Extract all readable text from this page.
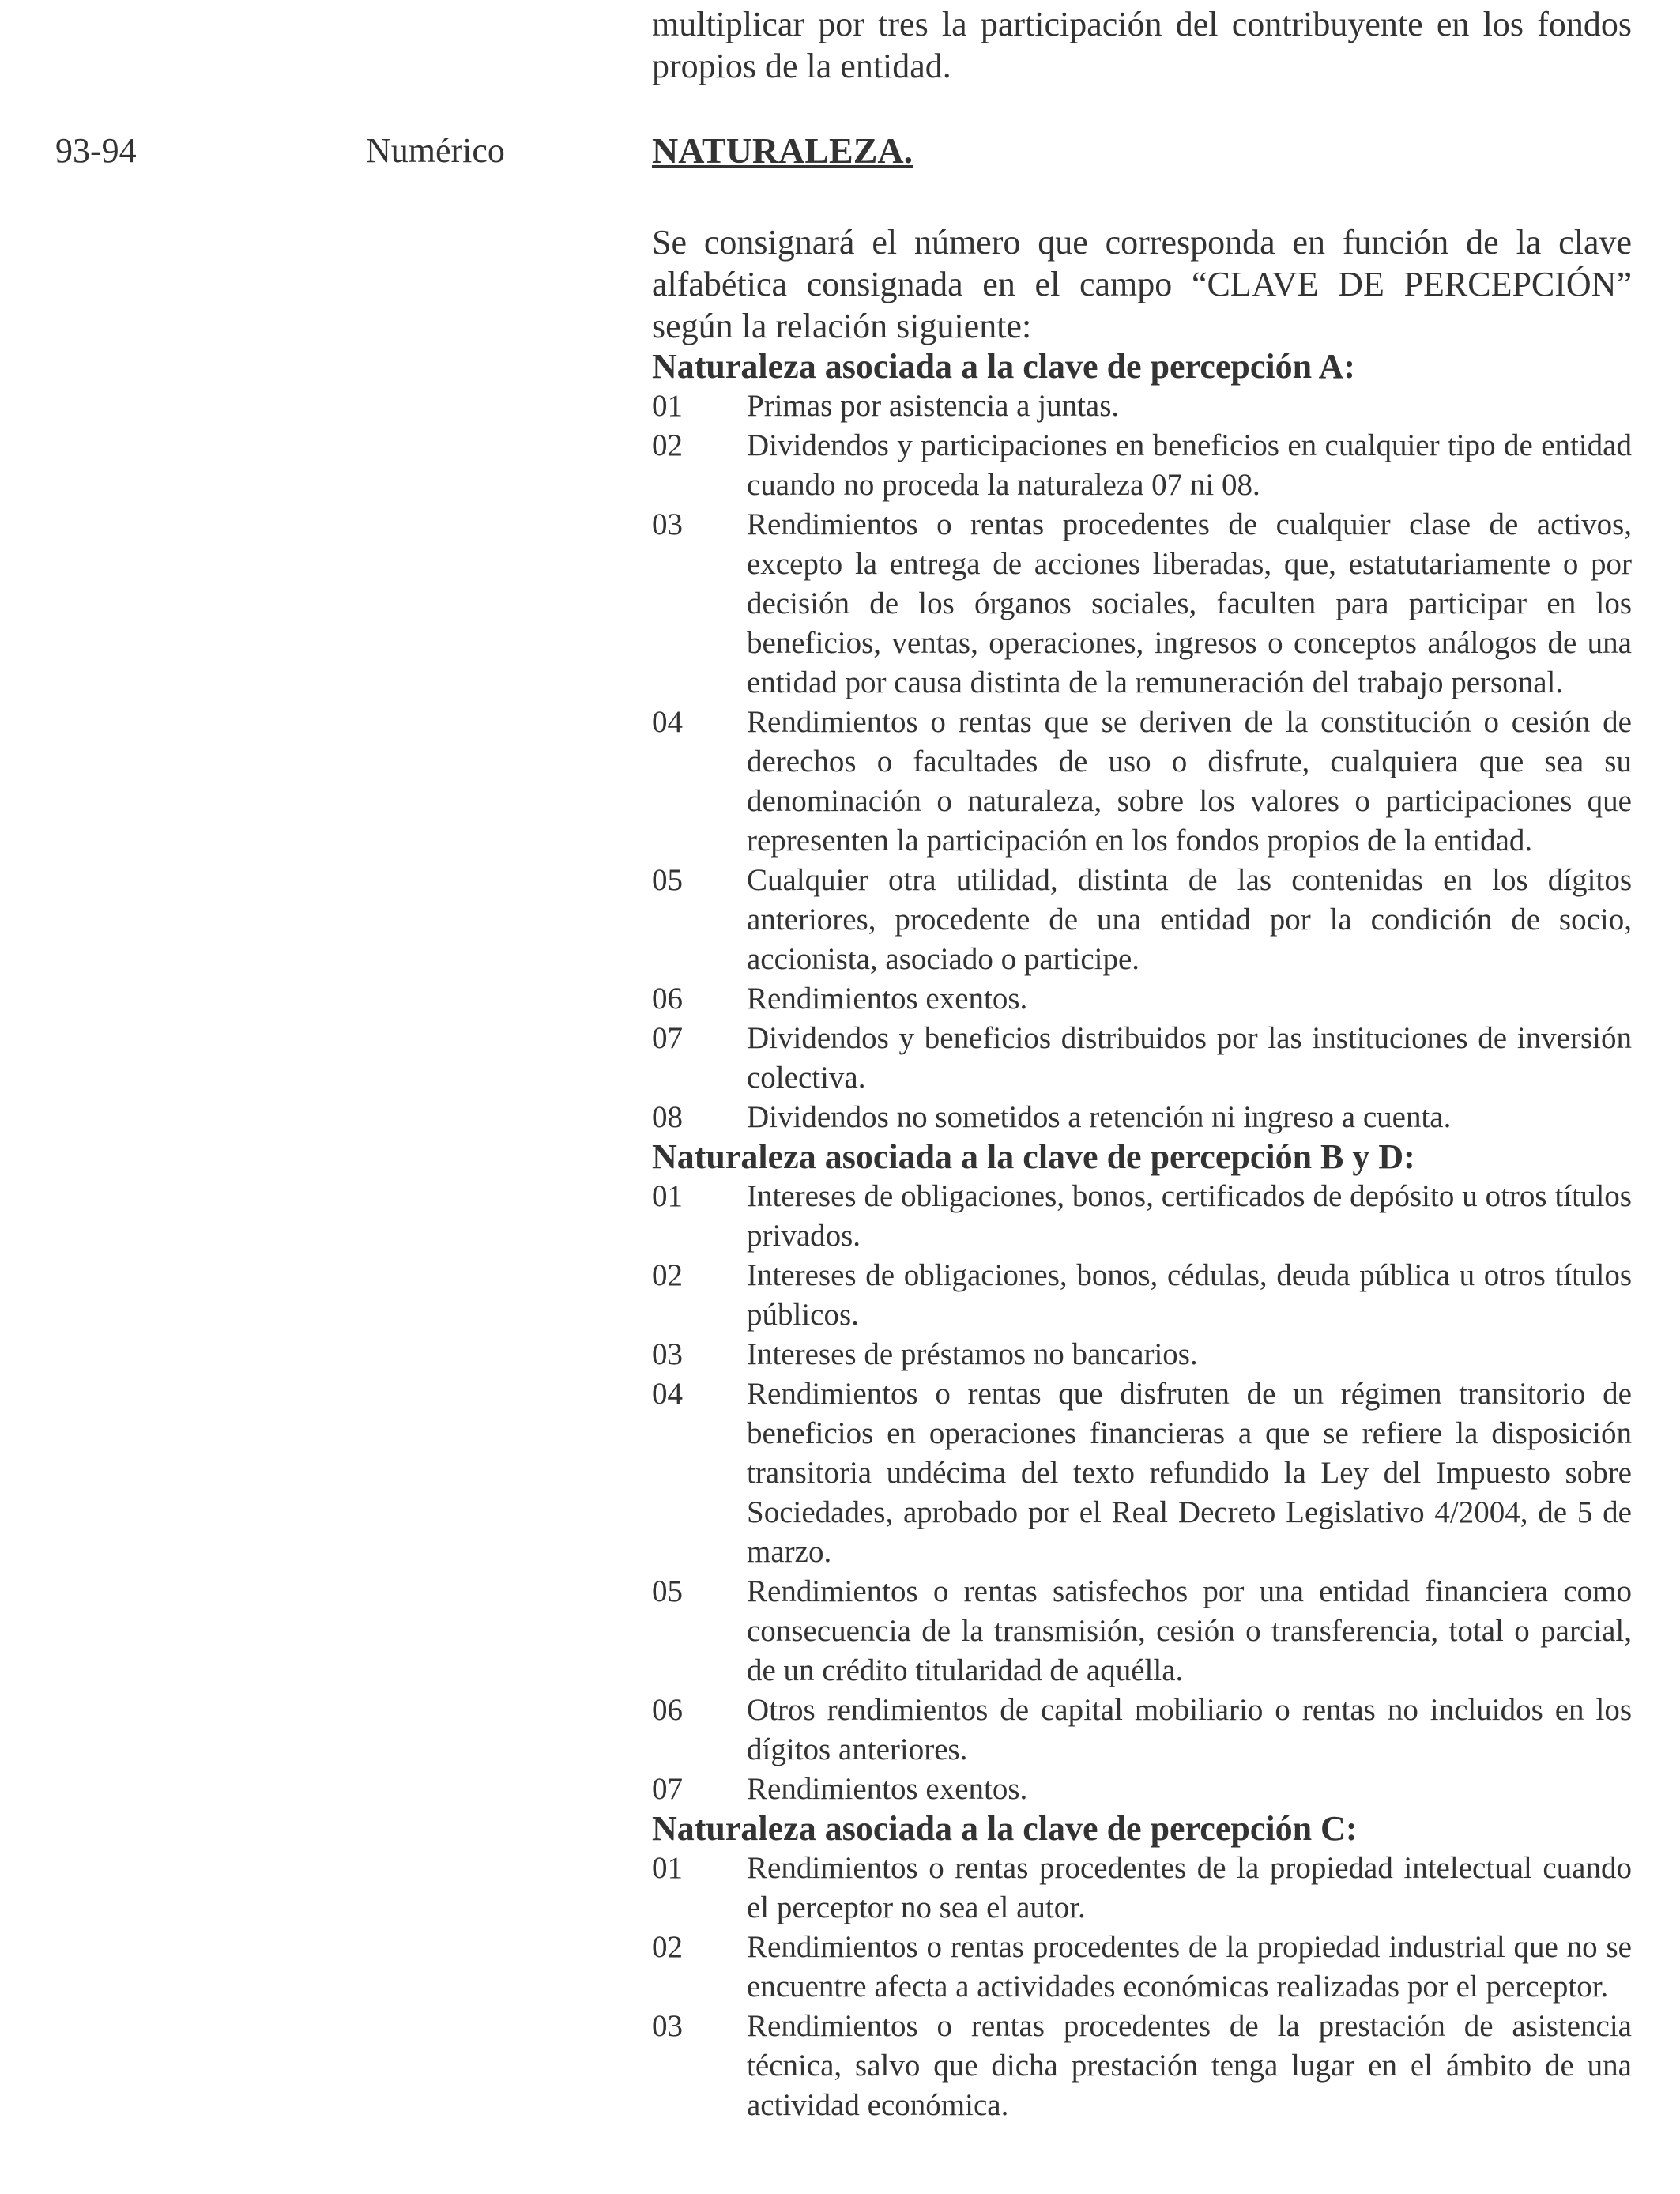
multiplicar por tres la participación del contribuyente en los fondos propios de la entidad.

93-94	Numérico	NATURALEZA.

Se consignará el número que corresponda en función de la clave alfabética consignada en el campo “CLAVE DE PERCEPCIÓN” según la relación siguiente:

Naturaleza asociada a la clave de percepción A:

01	Primas por asistencia a juntas.
02	Dividendos y participaciones en beneficios en cualquier tipo de entidad cuando no proceda la naturaleza 07 ni 08.
03	Rendimientos o rentas procedentes de cualquier clase de activos, excepto la entrega de acciones liberadas, que, estatutariamente o por decisión de los órganos sociales, faculten para participar en los beneficios, ventas, operaciones, ingresos o conceptos análogos de una entidad por causa distinta de la remuneración del trabajo personal.
04	Rendimientos o rentas que se deriven de la constitución o cesión de derechos o facultades de uso o disfrute, cualquiera que sea su denominación o naturaleza, sobre los valores o participaciones que representen la participación en los fondos propios de la entidad.
05	Cualquier otra utilidad, distinta de las contenidas en los dígitos anteriores, procedente de una entidad por la condición de socio, accionista, asociado o participe.
06	Rendimientos exentos.
07	Dividendos y beneficios distribuidos por las instituciones de inversión colectiva.
08	Dividendos no sometidos a retención ni ingreso a cuenta.

Naturaleza asociada a la clave de percepción B y D:

01	Intereses de obligaciones, bonos, certificados de depósito u otros títulos privados.
02	Intereses de obligaciones, bonos, cédulas, deuda pública u otros títulos públicos.
03	Intereses de préstamos no bancarios.
04	Rendimientos o rentas que disfruten de un régimen transitorio de beneficios en operaciones financieras a que se refiere la disposición transitoria undécima del texto refundido la Ley del Impuesto sobre Sociedades, aprobado por el Real Decreto Legislativo 4/2004, de 5 de marzo.
05	Rendimientos o rentas satisfechos por una entidad financiera como consecuencia de la transmisión, cesión o transferencia, total o parcial, de un crédito titularidad de aquélla.
06	Otros rendimientos de capital mobiliario o rentas no incluidos en los dígitos anteriores.
07	Rendimientos exentos.

Naturaleza asociada a la clave de percepción C:

01	Rendimientos o rentas procedentes de la propiedad intelectual cuando el perceptor no sea el autor.
02	Rendimientos o rentas procedentes de la propiedad industrial que no se encuentre afecta a actividades económicas realizadas por el perceptor.
03	Rendimientos o rentas procedentes de la prestación de asistencia técnica, salvo que dicha prestación tenga lugar en el ámbito de una actividad económica.
